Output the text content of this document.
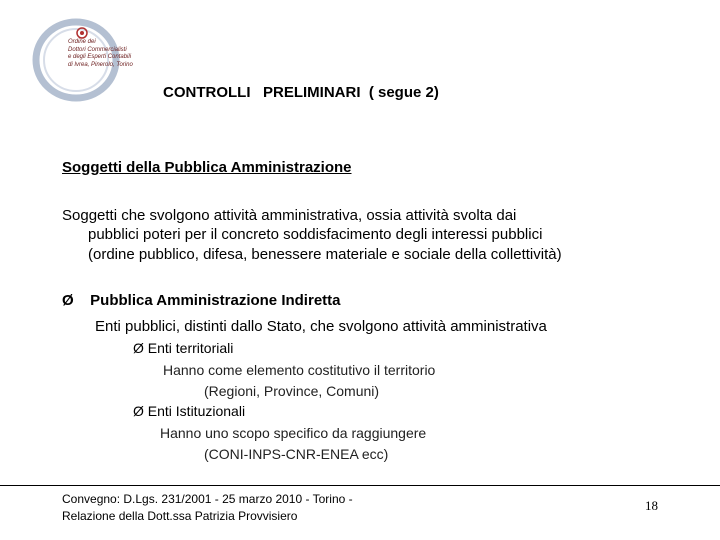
Ordine dei
Dottori Commercialisti
e degli Esperti Contabili
di Ivrea, Pinerolo, Torino
CONTROLLI   PRELIMINARI  ( segue 2)
Soggetti della Pubblica Amministrazione
Soggetti che svolgono attività amministrativa, ossia attività svolta dai
pubblici poteri per il concreto soddisfacimento degli interessi pubblici
(ordine pubblico, difesa, benessere materiale e sociale della collettività)
Ø Pubblica Amministrazione Indiretta
Enti pubblici, distinti dallo Stato, che svolgono attività amministrativa
Ø Enti territoriali
Hanno come elemento costitutivo il territorio
(Regioni, Province, Comuni)
Ø Enti Istituzionali
Hanno uno scopo specifico da raggiungere
(CONI-INPS-CNR-ENEA ecc)
Convegno: D.Lgs. 231/2001 - 25 marzo 2010 - Torino -
Relazione della Dott.ssa Patrizia Provvisiero
18
